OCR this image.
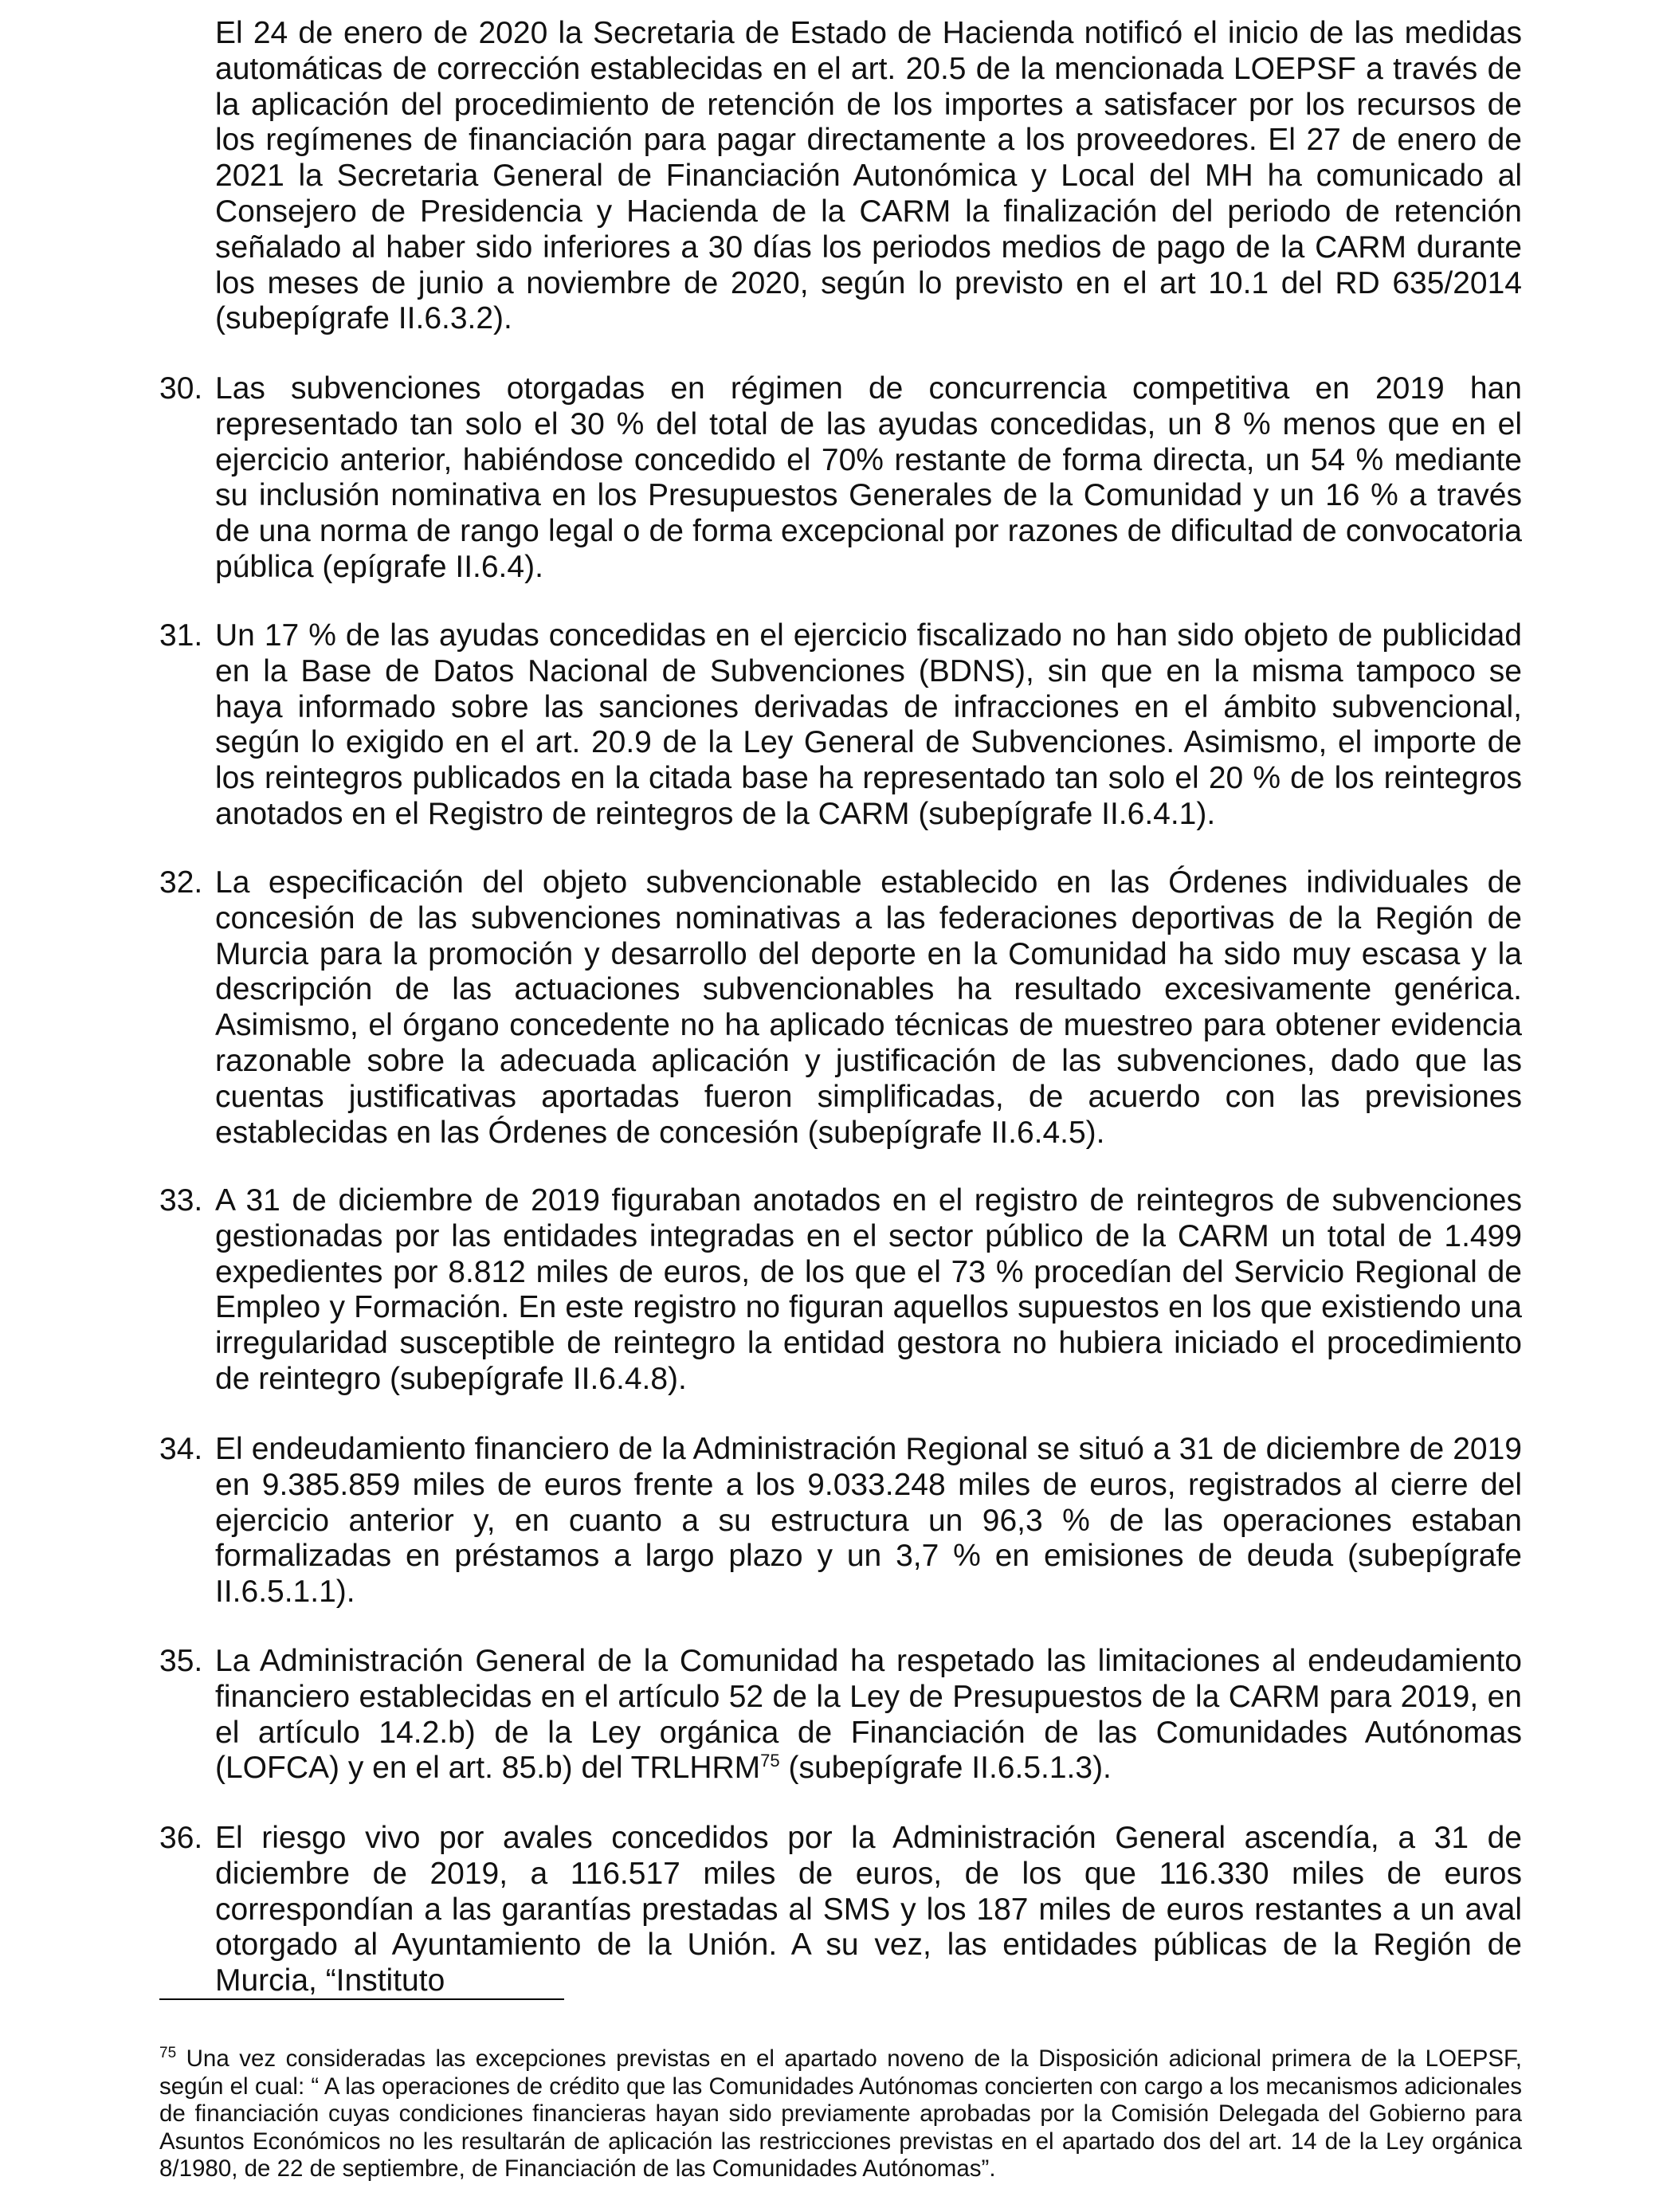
El 24 de enero de 2020 la Secretaria de Estado de Hacienda notificó el inicio de las medidas automáticas de corrección establecidas en el art. 20.5 de la mencionada LOEPSF a través de la aplicación del procedimiento de retención de los importes a satisfacer por los recursos de los regímenes de financiación para pagar directamente a los proveedores. El 27 de enero de 2021 la Secretaria General de Financiación Autonómica y Local del MH ha comunicado al Consejero de Presidencia y Hacienda de la CARM la finalización del periodo de retención señalado al haber sido inferiores a 30 días los periodos medios de pago de la CARM durante los meses de junio a noviembre de 2020, según lo previsto en el art 10.1 del RD 635/2014 (subepígrafe II.6.3.2).

30. Las subvenciones otorgadas en régimen de concurrencia competitiva en 2019 han representado tan solo el 30 % del total de las ayudas concedidas, un 8 % menos que en el ejercicio anterior, habiéndose concedido el 70% restante de forma directa, un 54 % mediante su inclusión nominativa en los Presupuestos Generales de la Comunidad y un 16 % a través de una norma de rango legal o de forma excepcional por razones de dificultad de convocatoria pública (epígrafe II.6.4).

31. Un 17 % de las ayudas concedidas en el ejercicio fiscalizado no han sido objeto de publicidad en la Base de Datos Nacional de Subvenciones (BDNS), sin que en la misma tampoco se haya informado sobre las sanciones derivadas de infracciones en el ámbito subvencional, según lo exigido en el art. 20.9 de la Ley General de Subvenciones. Asimismo, el importe de los reintegros publicados en la citada base ha representado tan solo el 20 % de los reintegros anotados en el Registro de reintegros de la CARM (subepígrafe II.6.4.1).

32. La especificación del objeto subvencionable establecido en las Órdenes individuales de concesión de las subvenciones nominativas a las federaciones deportivas de la Región de Murcia para la promoción y desarrollo del deporte en la Comunidad ha sido muy escasa y la descripción de las actuaciones subvencionables ha resultado excesivamente genérica. Asimismo, el órgano concedente no ha aplicado técnicas de muestreo para obtener evidencia razonable sobre la adecuada aplicación y justificación de las subvenciones, dado que las cuentas justificativas aportadas fueron simplificadas, de acuerdo con las previsiones establecidas en las Órdenes de concesión (subepígrafe II.6.4.5).

33. A 31 de diciembre de 2019 figuraban anotados en el registro de reintegros de subvenciones gestionadas por las entidades integradas en el sector público de la CARM un total de 1.499 expedientes por 8.812 miles de euros, de los que el 73 % procedían del Servicio Regional de Empleo y Formación. En este registro no figuran aquellos supuestos en los que existiendo una irregularidad susceptible de reintegro la entidad gestora no hubiera iniciado el procedimiento de reintegro (subepígrafe II.6.4.8).

34. El endeudamiento financiero de la Administración Regional se situó a 31 de diciembre de 2019 en 9.385.859 miles de euros frente a los 9.033.248 miles de euros, registrados al cierre del ejercicio anterior y, en cuanto a su estructura un 96,3 % de las operaciones estaban formalizadas en préstamos a largo plazo y un 3,7 % en emisiones de deuda (subepígrafe II.6.5.1.1).

35. La Administración General de la Comunidad ha respetado las limitaciones al endeudamiento financiero establecidas en el artículo 52 de la Ley de Presupuestos de la CARM para 2019, en el artículo 14.2.b) de la Ley orgánica de Financiación de las Comunidades Autónomas (LOFCA) y en el art. 85.b) del TRLHRM$^{75}$ (subepígrafe II.6.5.1.3).

36. El riesgo vivo por avales concedidos por la Administración General ascendía, a 31 de diciembre de 2019, a 116.517 miles de euros, de los que 116.330 miles de euros correspondían a las garantías prestadas al SMS y los 187 miles de euros restantes a un aval otorgado al Ayuntamiento de la Unión. A su vez, las entidades públicas de la Región de Murcia, “Instituto

$^{75}$ Una vez consideradas las excepciones previstas en el apartado noveno de la Disposición adicional primera de la LOEPSF, según el cual: “ A las operaciones de crédito que las Comunidades Autónomas concierten con cargo a los mecanismos adicionales de financiación cuyas condiciones financieras hayan sido previamente aprobadas por la Comisión Delegada del Gobierno para Asuntos Económicos no les resultarán de aplicación las restricciones previstas en el apartado dos del art. 14 de la Ley orgánica 8/1980, de 22 de septiembre, de Financiación de las Comunidades Autónomas”.
